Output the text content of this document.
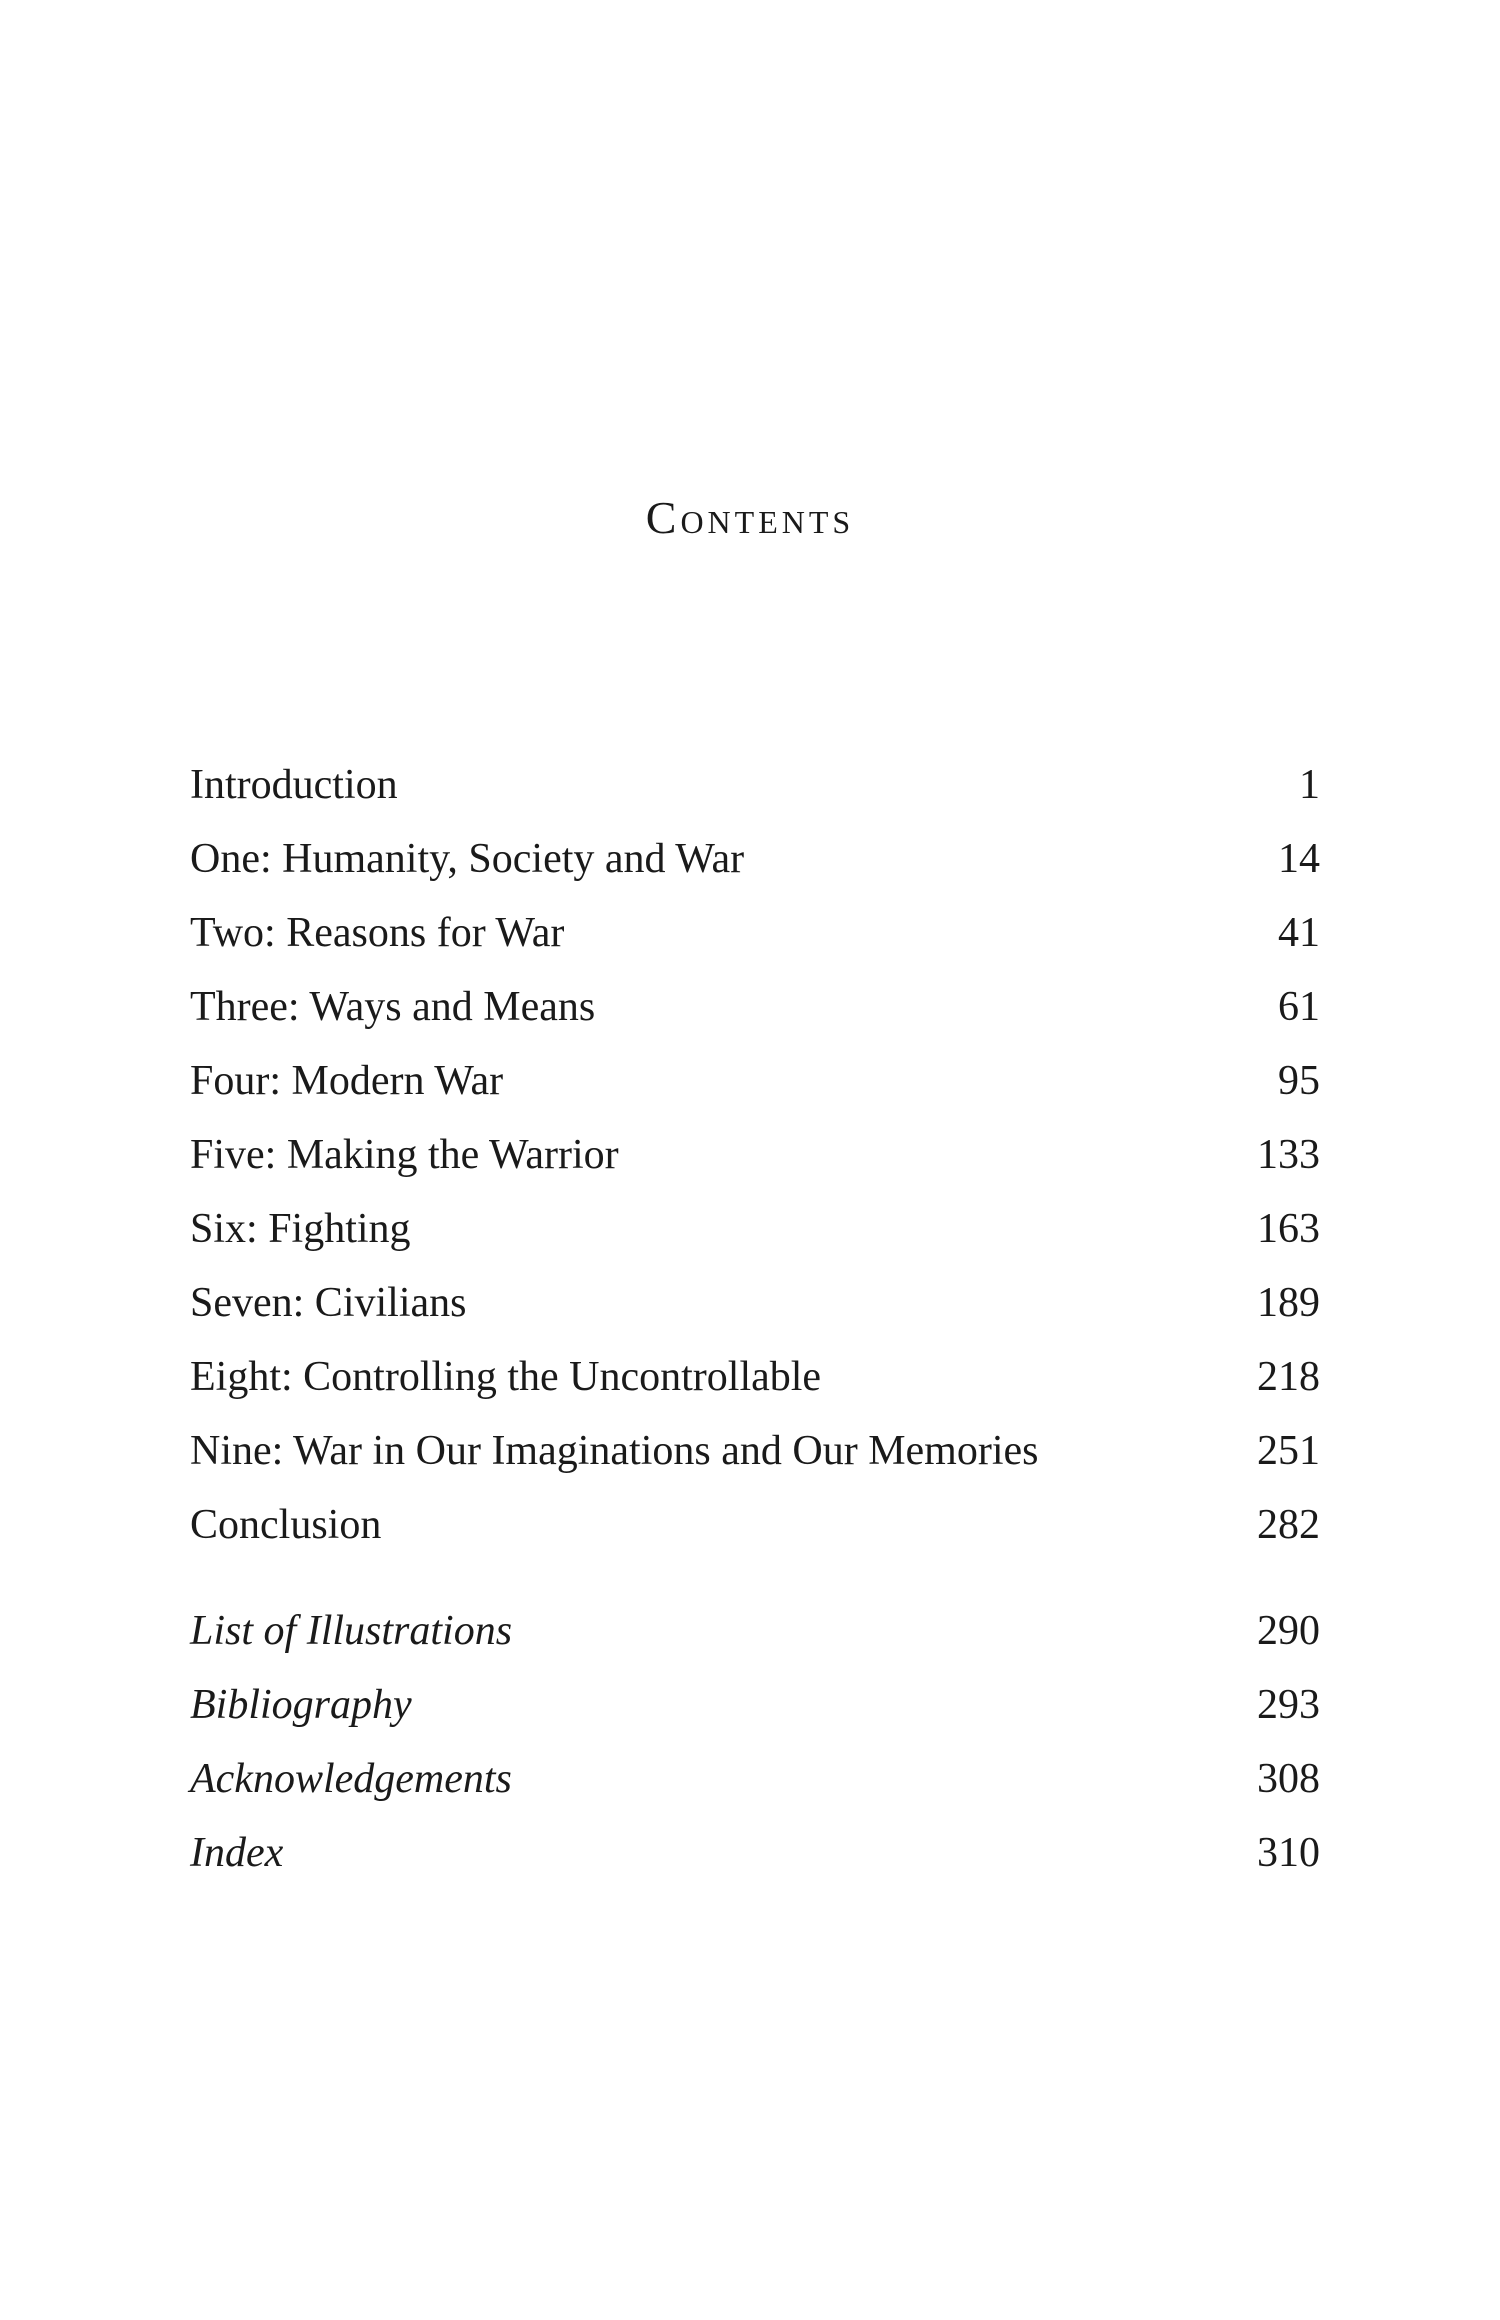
Contents
Introduction	1
One: Humanity, Society and War	14
Two: Reasons for War	41
Three: Ways and Means	61
Four: Modern War	95
Five: Making the Warrior	133
Six: Fighting	163
Seven: Civilians	189
Eight: Controlling the Uncontrollable	218
Nine: War in Our Imaginations and Our Memories	251
Conclusion	282
List of Illustrations	290
Bibliography	293
Acknowledgements	308
Index	310
